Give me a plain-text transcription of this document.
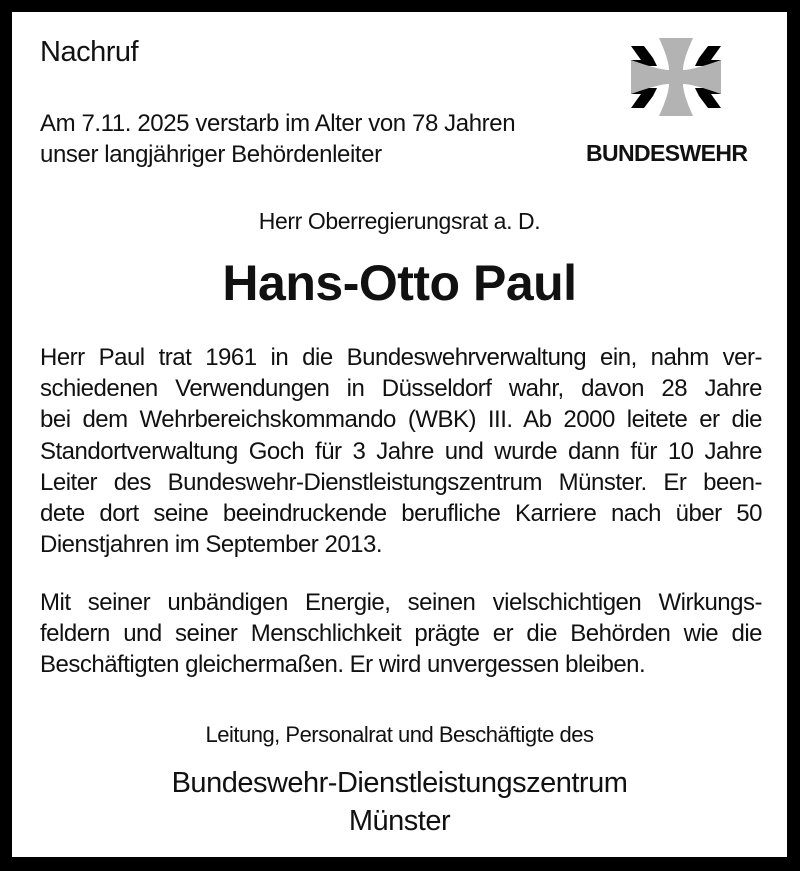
Nachruf
Am 7.11. 2025 verstarb im Alter von 78 Jahren
unser langjähriger Behördenleiter	BUNDESWEHR
Herr Oberregierungsrat a. D.
Hans-Otto Paul
Herr Paul trat 1961 in die Bundeswehrverwaltung ein, nahm ver-
schiedenen Verwendungen in Düsseldorf wahr, davon 28 Jahre
bei dem Wehrbereichskommando (WBK) III. Ab 2000 leitete er die
Standortverwaltung Goch für 3 Jahre und wurde dann für 10 Jahre
Leiter des Bundeswehr-Dienstleistungszentrum Münster. Er been-
dete dort seine beeindruckende berufliche Karriere nach über 50
Dienstjahren im September 2013.
Mit seiner unbändigen Energie, seinen vielschichtigen Wirkungs-
feldern und seiner Menschlichkeit prägte er die Behörden wie die
Beschäftigten gleichermaßen. Er wird unvergessen bleiben.
Leitung, Personalrat und Beschäftigte des
Bundeswehr-Dienstleistungszentrum
Münster
